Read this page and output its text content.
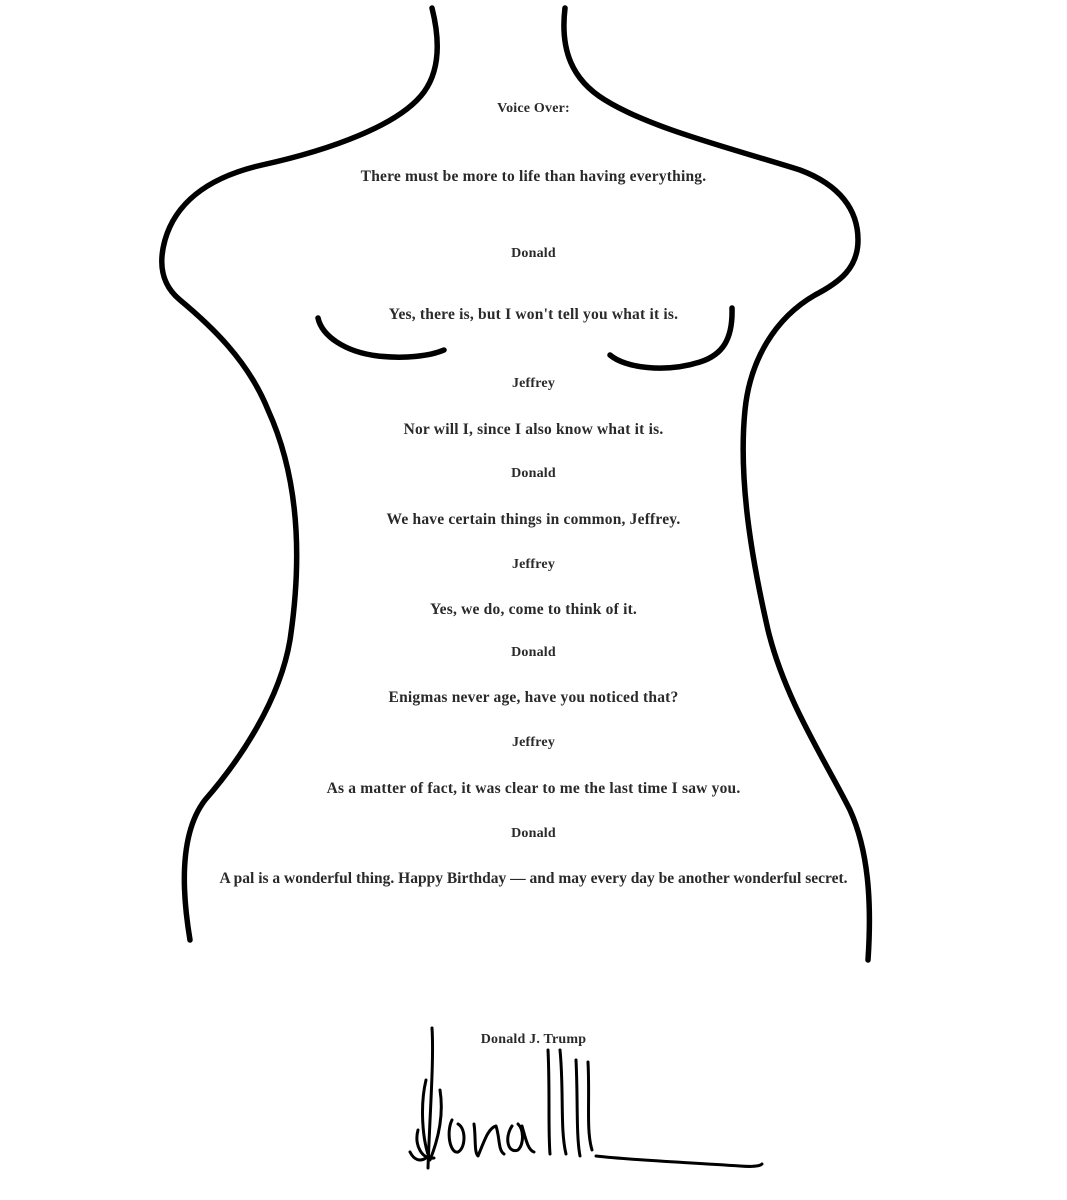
Voice Over:
There must be more to life than having everything.
Donald
Yes, there is, but I won't tell you what it is.
Jeffrey
Nor will I, since I also know what it is.
Donald
We have certain things in common, Jeffrey.
Jeffrey
Yes, we do, come to think of it.
Donald
Enigmas never age, have you noticed that?
Jeffrey
As a matter of fact, it was clear to me the last time I saw you.
Donald
A pal is a wonderful thing. Happy Birthday — and may every day be another wonderful secret.
Donald J. Trump
